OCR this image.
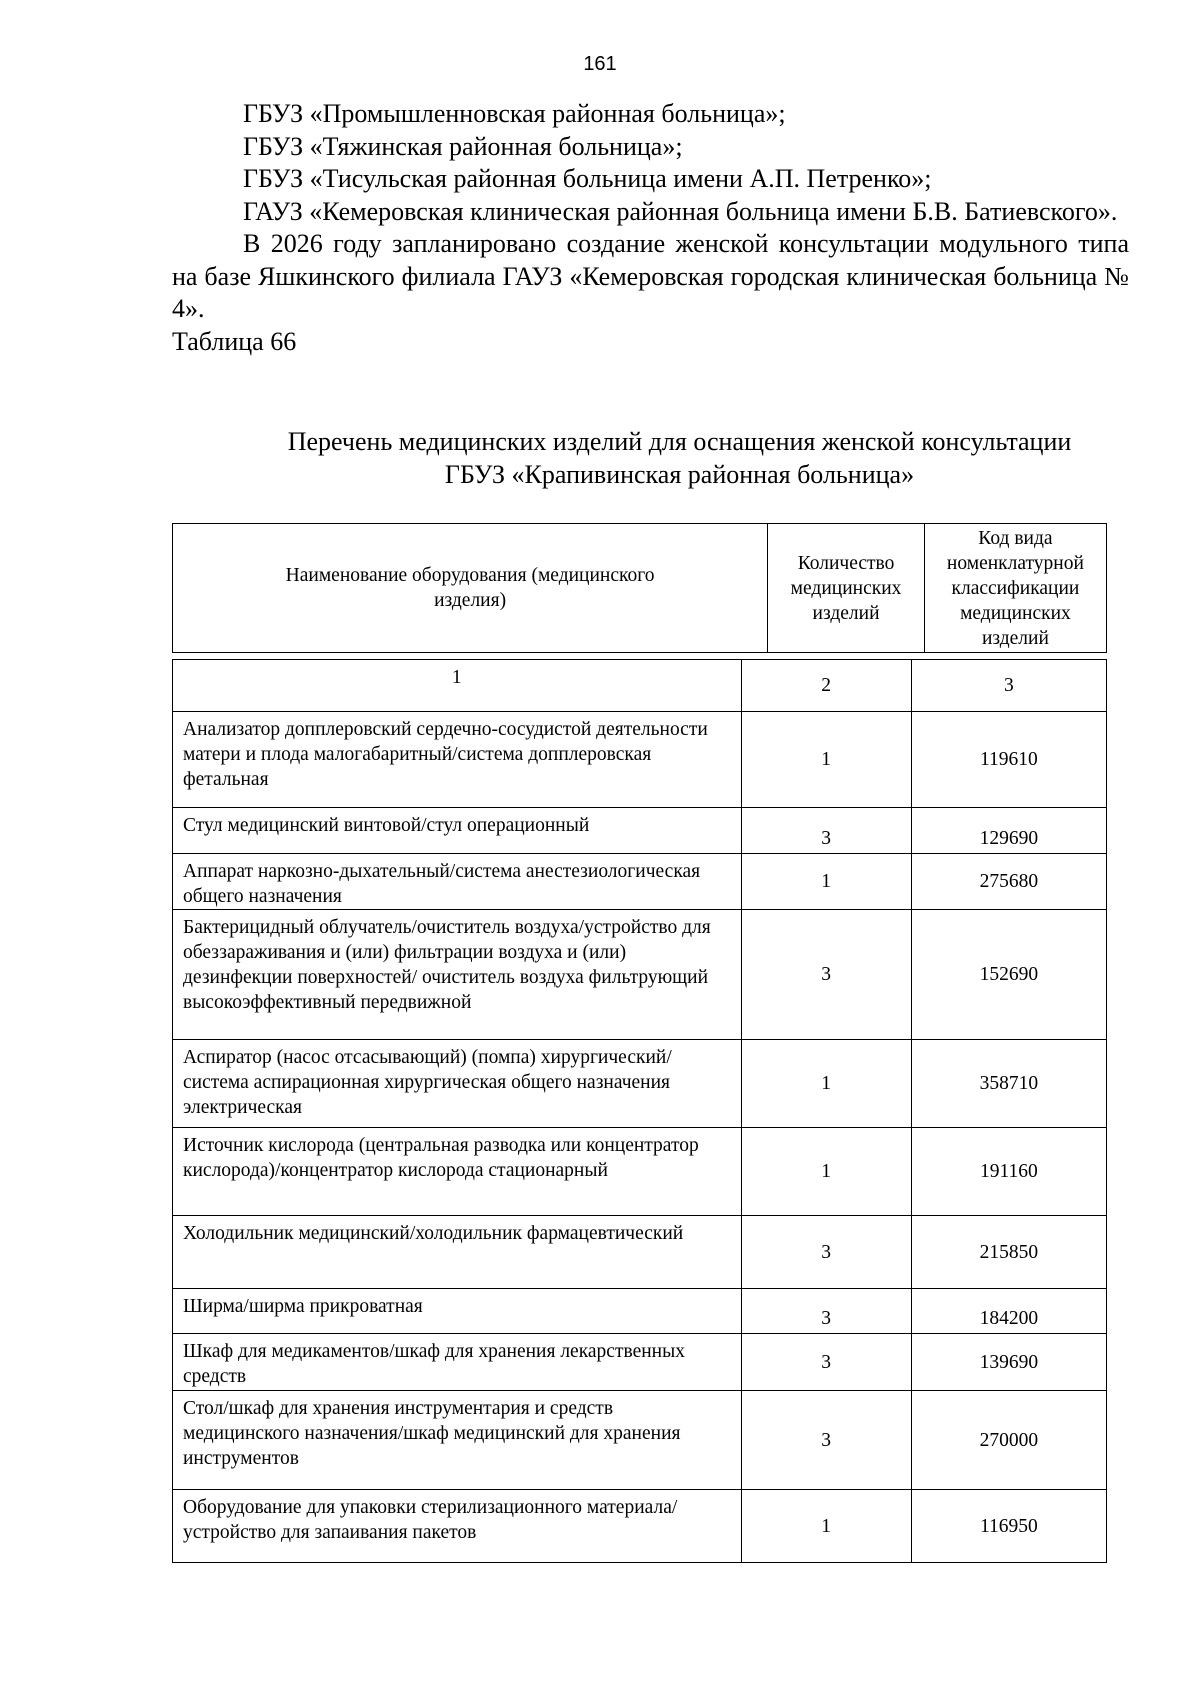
161

ГБУЗ «Промышленновская районная больница»;

ГБУЗ «Тяжинская районная больница»;

ГБУЗ «Тисульская районная больница имени А.П. Петренко»;

ГАУЗ «Кемеровская клиническая районная больница имени Б.В. Батиевского».

В 2026 году запланировано создание женской консультации модульного типа на базе Яшкинского филиала ГАУЗ «Кемеровская городская клиническая больница № 4».

Таблица 66

Перечень медицинских изделий для оснащения женской консультации
ГБУЗ «Крапивинская районная больница»
Наименование оборудования (медицинского изделия)	Количество медицинских изделий	Код вида номенклатурной классификации медицинских изделий
1	2	3
Анализатор допплеровский сердечно-сосудистой деятельности матери и плода малогабаритный/система допплеровская фетальная	1	119610
Стул медицинский винтовой/стул операционный	3	129690
Аппарат наркозно-дыхательный/система анестезиологическая общего назначения	1	275680
Бактерицидный облучатель/очиститель воздуха/устройство для обеззараживания и (или) фильтрации воздуха и (или) дезинфекции поверхностей/ очиститель воздуха фильтрующий высокоэффективный передвижной	3	152690
Аспиратор (насос отсасывающий) (помпа) хирургический/система аспирационная хирургическая общего назначения электрическая	1	358710
Источник кислорода (центральная разводка или концентратор кислорода)/концентратор кислорода стационарный	1	191160
Холодильник медицинский/холодильник фармацевтический	3	215850
Ширма/ширма прикроватная	3	184200
Шкаф для медикаментов/шкаф для хранения лекарственных средств	3	139690
Стол/шкаф для хранения инструментария и средств медицинского назначения/шкаф медицинский для хранения инструментов	3	270000
Оборудование для упаковки стерилизационного материала/устройство для запаивания пакетов	1	116950
